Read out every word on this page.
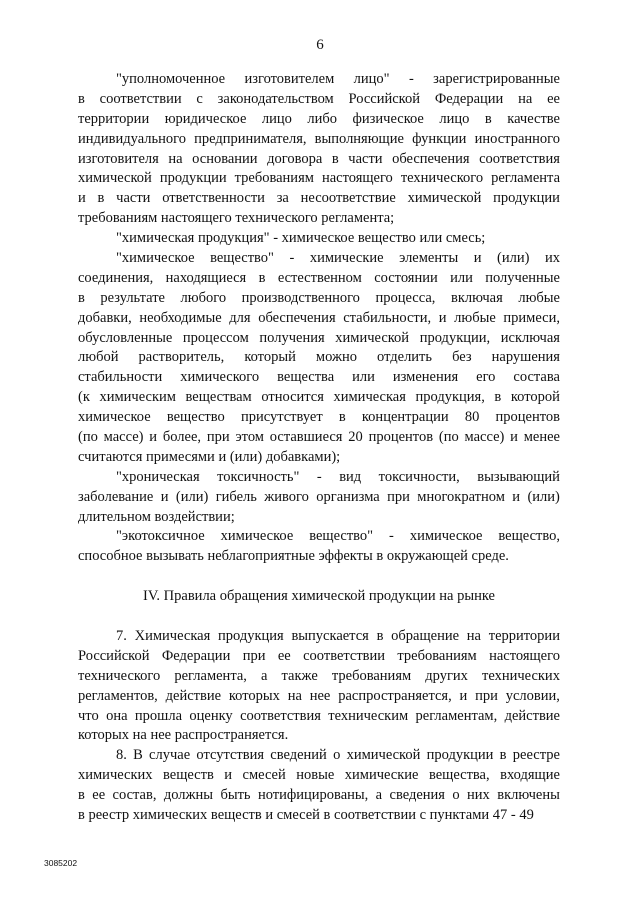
6
"уполномоченное изготовителем лицо" - зарегистрированные
в соответствии с законодательством Российской Федерации на ее
территории юридическое лицо либо физическое лицо в качестве
индивидуального предпринимателя, выполняющие функции иностранного
изготовителя на основании договора в части обеспечения соответствия
химической продукции требованиям настоящего технического регламента
и в части ответственности за несоответствие химической продукции
требованиям настоящего технического регламента;
"химическая продукция" - химическое вещество или смесь;
"химическое вещество" - химические элементы и (или) их
соединения, находящиеся в естественном состоянии или полученные
в результате любого производственного процесса, включая любые
добавки, необходимые для обеспечения стабильности, и любые примеси,
обусловленные процессом получения химической продукции, исключая
любой растворитель, который можно отделить без нарушения
стабильности химического вещества или изменения его состава
(к химическим веществам относится химическая продукция, в которой
химическое вещество присутствует в концентрации 80 процентов
(по массе) и более, при этом оставшиеся 20 процентов (по массе) и менее
считаются примесями и (или) добавками);
"хроническая токсичность" - вид токсичности, вызывающий
заболевание и (или) гибель живого организма при многократном и (или)
длительном воздействии;
"экотоксичное химическое вещество" - химическое вещество,
способное вызывать неблагоприятные эффекты в окружающей среде.
IV. Правила обращения химической продукции на рынке
7. Химическая продукция выпускается в обращение на территории
Российской Федерации при ее соответствии требованиям настоящего
технического регламента, а также требованиям других технических
регламентов, действие которых на нее распространяется, и при условии,
что она прошла оценку соответствия техническим регламентам, действие
которых на нее распространяется.
8. В случае отсутствия сведений о химической продукции в реестре
химических веществ и смесей новые химические вещества, входящие
в ее состав, должны быть нотифицированы, а сведения о них включены
в реестр химических веществ и смесей в соответствии с пунктами 47 - 49
3085202
